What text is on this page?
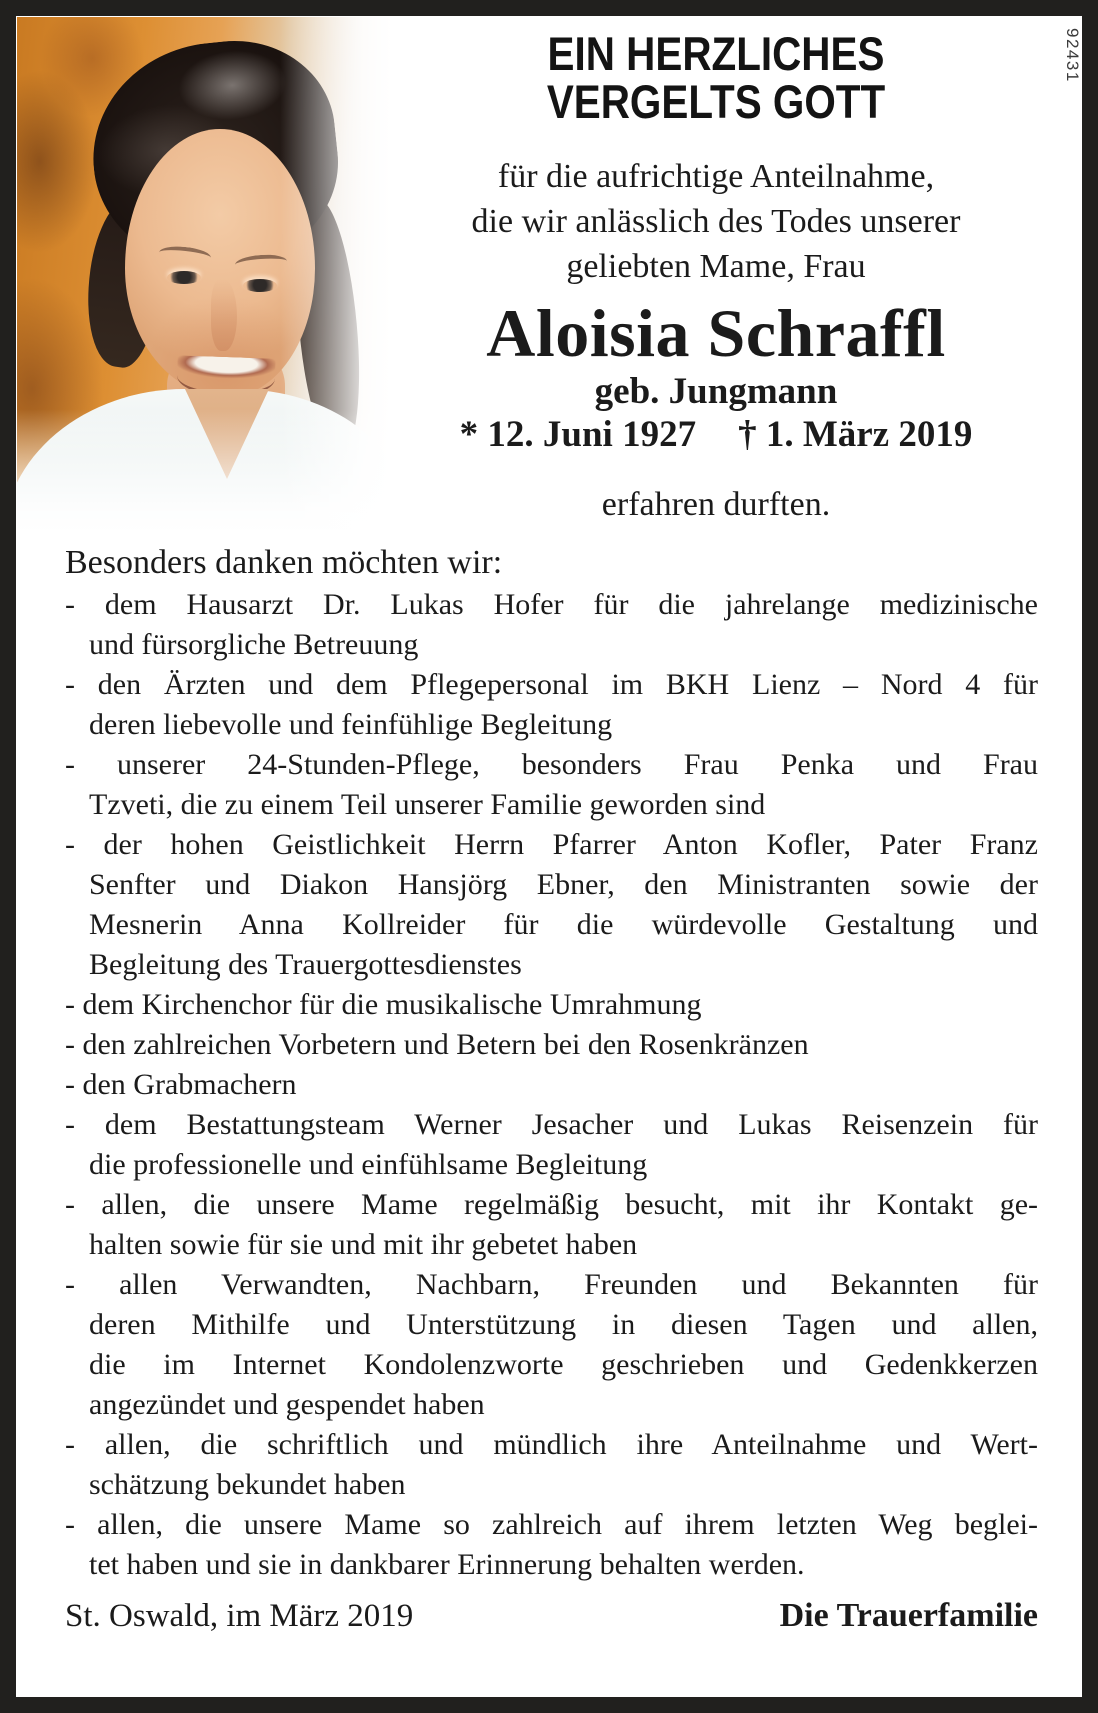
92431
EIN HERZLICHES
VERGELTS GOTT
für die aufrichtige Anteilnahme,
die wir anlässlich des Todes unserer
geliebten Mame, Frau
Aloisia Schraffl
geb. Jungmann
* 12. Juni 1927 † 1. März 2019
erfahren durften.
Besonders danken möchten wir:
- dem Hausarzt Dr. Lukas Hofer für die jahrelange medizinische
und fürsorgliche Betreuung
- den Ärzten und dem Pflegepersonal im BKH Lienz – Nord 4 für
deren liebevolle und feinfühlige Begleitung
- unserer 24-Stunden-Pflege, besonders Frau Penka und Frau
Tzveti, die zu einem Teil unserer Familie geworden sind
- der hohen Geistlichkeit Herrn Pfarrer Anton Kofler, Pater Franz
Senfter und Diakon Hansjörg Ebner, den Ministranten sowie der
Mesnerin Anna Kollreider für die würdevolle Gestaltung und
Begleitung des Trauergottesdienstes
- dem Kirchenchor für die musikalische Umrahmung
- den zahlreichen Vorbetern und Betern bei den Rosenkränzen
- den Grabmachern
- dem Bestattungsteam Werner Jesacher und Lukas Reisenzein für
die professionelle und einfühlsame Begleitung
- allen, die unsere Mame regelmäßig besucht, mit ihr Kontakt ge-
halten sowie für sie und mit ihr gebetet haben
- allen Verwandten, Nachbarn, Freunden und Bekannten für
deren Mithilfe und Unterstützung in diesen Tagen und allen,
die im Internet Kondolenzworte geschrieben und Gedenkkerzen
angezündet und gespendet haben
- allen, die schriftlich und mündlich ihre Anteilnahme und Wert-
schätzung bekundet haben
- allen, die unsere Mame so zahlreich auf ihrem letzten Weg beglei-
tet haben und sie in dankbarer Erinnerung behalten werden.
St. Oswald, im März 2019	Die Trauerfamilie
